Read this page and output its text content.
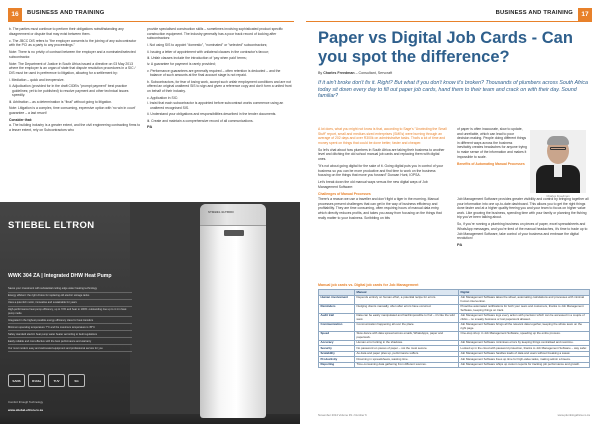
16	BUSINESS AND TRAINING

b. The parties must continue to perform their obligations notwithstanding any disagreement or dispute that may exist between them.

c. The JBCC DIS refers to "the employer consents to the joining of any subcontractor with the PCI as a party to any proceedings."

Note: There is no privity of contract between the employer and a nominated/selected subcontractor.

Note: The Department of Justice in South Africa issued a directive on 03 May 2013 where the employer is an organ of state that dispute resolution procedures in a SIC / DIS must be used in preference to litigation, allowing for a settlement by:

i. Mediation – quick and inexpensive.
ii. Adjudication (provided for in the draft CIDB's "prompt payment" best practice guidelines; yet to be published) to resolve payment and other technical issues speedily.
iii. Arbitration – as a determination is "final" without going to litigation.

Note: Litigation is a complex, time consuming, expensive option with 'no win in court' guarantee – a last resort!

Consider that:

a. The building industry is a greater extent, and the civil engineering contracting firms to a lesser extent, rely on Subcontractors who

provide specialised construction skills – sometimes involving sophisticated product specific construction equipment. The industry generally has a poor track record of looking after subcontractors:

i. Not using SIS to appoint "domestic", "nominated" or "selected" subcontractors;
ii. Issuing a letter of appointment with unilateral clauses in the contractor's favour;
iii. Unfair clauses include the introduction of 'pay when paid' terms;
iv. A guarantee for payment is rarely provided;
v. Performance guarantees are generally required – often retention is deducted – and the balance of such amounts at the final account stage is not repaid.

b. Subcontractors, for fear of losing work, accept such unfair employment conditions and are not offered an original unaltered SIS to sign and given a reference copy and don't form a united front on behalf of their industry.

c. Application in SIC:

i. Insist that each subcontractor is appointed before subcontract works commence using an unaltered recognised SIS.
ii. Understand your obligations and responsibilities described in the tender documents.
iii. Create and maintain a comprehensive record of all communications.
PA
STIEBEL ELTRON
WWK 304 ZA | Integrated DHW Heat Pump
Saves your investment with substantial cutting edge water heating technology
Energy efficient: the right choice for replacing old electric storage tanks
Uses a quiet EC motor, innovative and sustainable for years
High-performance heat pump efficiency, up to 72% and heat to 100%: outstanding rise up to 4.1 in heat pump mode
Integrated in the highest possible energy efficiency class for heat transfers
Minimum operating temperature 7°C and the maximum temperature is 35°C
Safety standard electric heat pump water heater according to fault regulations
Easily reliable and cost effective with the best performance and warranty
Our most modern easy and well-tested equipment and professional service for you
SANS	R134a	TUV	SG
Comfort through Technology
www.stiebel-eltron.co.za
STIEBEL ELTRON
BUSINESS AND TRAINING	17
Paper vs Digital Job Cards - Can you spot the difference?
By Charles Freedman – Consultant, Servcraft
If it ain't broke don't fix it. Right? But what if you don't know it's broken? Thousands of plumbers across South Africa today sit down every day to fill out paper job cards, hand them to their team and crack on with their day. Sound familiar?

A lot does, what you might not know is that, according to Sage's "Unwinding the Small Stuff" report, small and medium-sized enterprises (SMEs) were burning through an average of 202 days and over R300k on administrative tasks. That's a lot of time and money spent on things that could be done better, faster and cheaper.

So let's chat about how plumbers in South Africa are taking their business to another level and ditching the old school manual job cards and replacing them with digital ones.

"It's not about going digital for the sake of it. Going digital puts you in control of your business so you can be more productive and find time to work on the business focusing on the things that move you forward" Duncan Hunt, IOPSA.

Let's break down the old manual ways versus the new digital ways of Job Management Software:

Challenges of Manual Processes

There's a reason we use a traveller and don't fight a tiger in the morning. Manual processes present challenges that can get in the way of business efficiency and profitability. They are time consuming, often requiring hours of manual data entry, which directly reduces profits, and takes you away from focusing on the things that really matter to your business. Scribbling on bits

of paper is often inaccurate, slow to update, and unreliable, which can lead to poor decision making. People doing different things in different ways across the business inevitably creates headaches for anyone trying to make sense of the information and makes it impossible to scale.

Benefits of Automating Manual Processes

Job Management Software provides greater visibility and control by bringing together all your information into one up-to-date dashboard. This allows you to get the right things done faster and at a higher quality freeing you and your team to focus on higher value work. Like growing the business, spending time with your family or planning the fishing trip you've been talking about.

So, if you're running a plumbing business on pieces of paper, excel spreadsheets and WhatsApp messages, and you're tired of the manual headaches, it's time to trade up to Job Management Software, take control of your business and embrace the digital revolution!

PA
Charles Freedman
Manual job cards vs. Digital job cards for Job Management
	Manual	Digital
Human involvement	Depends entirely on human effort, a potential recipe for errors.	Job Management Software takes the wheel, automating calculations and processes with minimal human intervention.
Reminders	Nudging clients manually, often after errors have occurred.	Proactive automated notifications for both your team and customers, thanks to Job Management Software, keeping things on track.
Audit trail	Data can be easily manipulated and hard/impossible to find – it's like the wild west.	Job Management Software logs every action with precision which can be accessed in a couple of clicks – no sneaky business or lost paperwork allowed.
Communication	Communication happening all over the place.	Job Management Software brings all the relevant data together, keeping the whole team on the right page.
Speed	Slow dance with data spread across emails, WhatsApps, paper and paperwork.	One-stop shop: in Job Management Software, speeding up the entire process.
Accuracy	Human error lurking in the shadows.	Job Management Software minimises errors by keeping things centralised and real-time.
Security	No password on pieces of paper – not the most secure.	Locked up in the cloud with password protection, thanks to Job Management Software – way safer.
Scalability	As data and paper piles up, performance suffers.	Job Management Software handles loads of data and users without breaking a sweat.
Productivity	Drowning in spreadsheets, wasting time.	Job Management Software frees up time for high-value tasks, making admin a breeze.
Reporting	Time-consuming data gathering from different sources.	Job Management Software whips up custom reports for tracking job performance and growth.
November 2014 Volume 39 • Number 6	www.plumbingafrica.co.za
